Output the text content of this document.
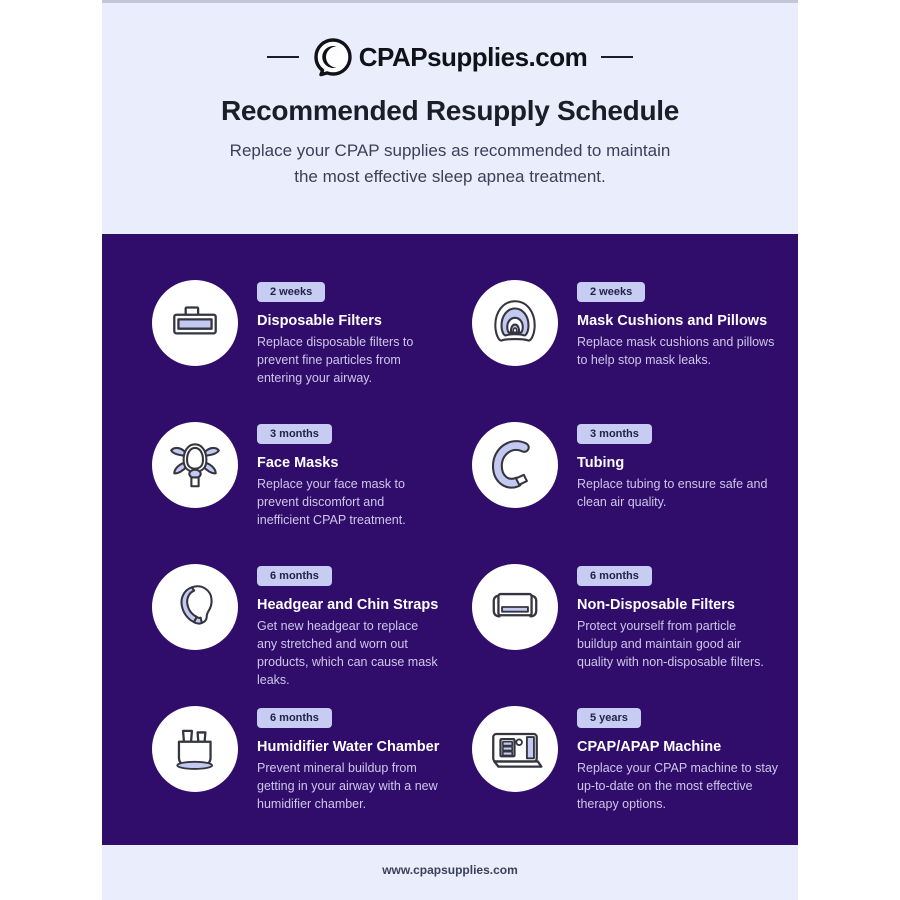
CPAPsupplies.com
Recommended Resupply Schedule

Replace your CPAP supplies as recommended to maintain
the most effective sleep apnea treatment.

2 weeks
Disposable Filters

Replace disposable filters to prevent fine particles from entering your airway.

2 weeks
Mask Cushions and Pillows

Replace mask cushions and pillows to help stop mask leaks.

3 months
Face Masks

Replace your face mask to prevent discomfort and inefficient CPAP treatment.

3 months
Tubing

Replace tubing to ensure safe and clean air quality.

6 months
Headgear and Chin Straps

Get new headgear to replace any stretched and worn out products, which can cause mask leaks.

6 months
Non-Disposable Filters

Protect yourself from particle buildup and maintain good air quality with non-disposable filters.

6 months
Humidifier Water Chamber

Prevent mineral buildup from getting in your airway with a new humidifier chamber.

5 years
CPAP/APAP Machine

Replace your CPAP machine to stay up-to-date on the most effective therapy options.

www.cpapsupplies.com
